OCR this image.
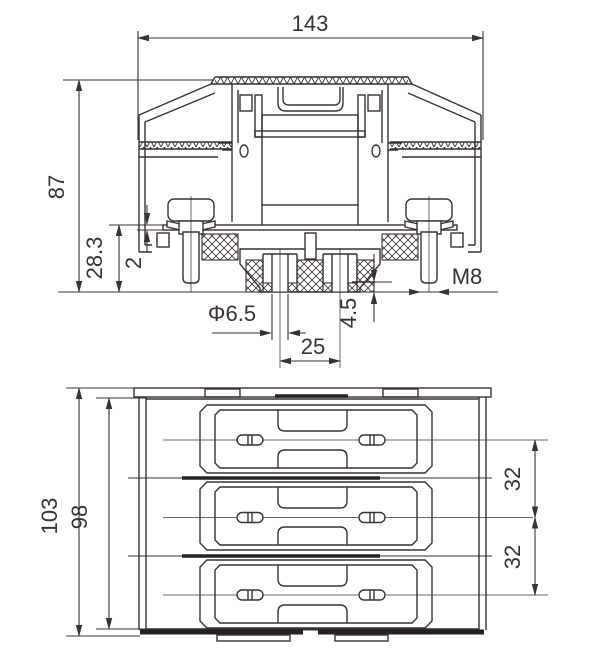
143
87
28.3 2
Φ6.5
25
4.5
M8
103 98
32
32
